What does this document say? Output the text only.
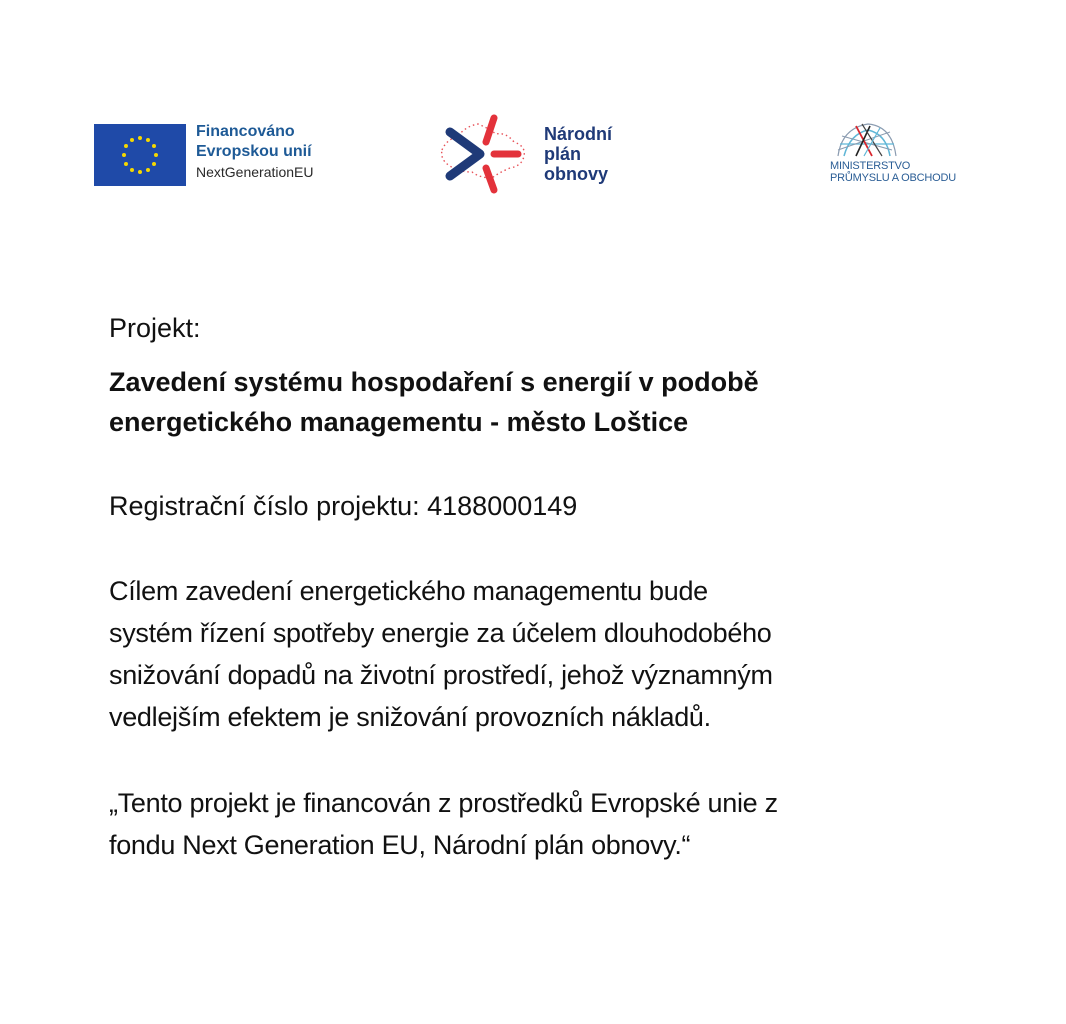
Financováno
Evropskou unií
NextGenerationEU
Národní
plán
obnovy	MINISTERSTVO
PRŮMYSLU A OBCHODU
Projekt:
Zavedení systému hospodaření s energií v podobě
energetického managementu - město Loštice
Registrační číslo projektu: 4188000149
Cílem zavedení energetického managementu bude
systém řízení spotřeby energie za účelem dlouhodobého
snižování dopadů na životní prostředí, jehož významným
vedlejším efektem je snižování provozních nákladů.
„Tento projekt je financován z prostředků Evropské unie z
fondu Next Generation EU, Národní plán obnovy.“
